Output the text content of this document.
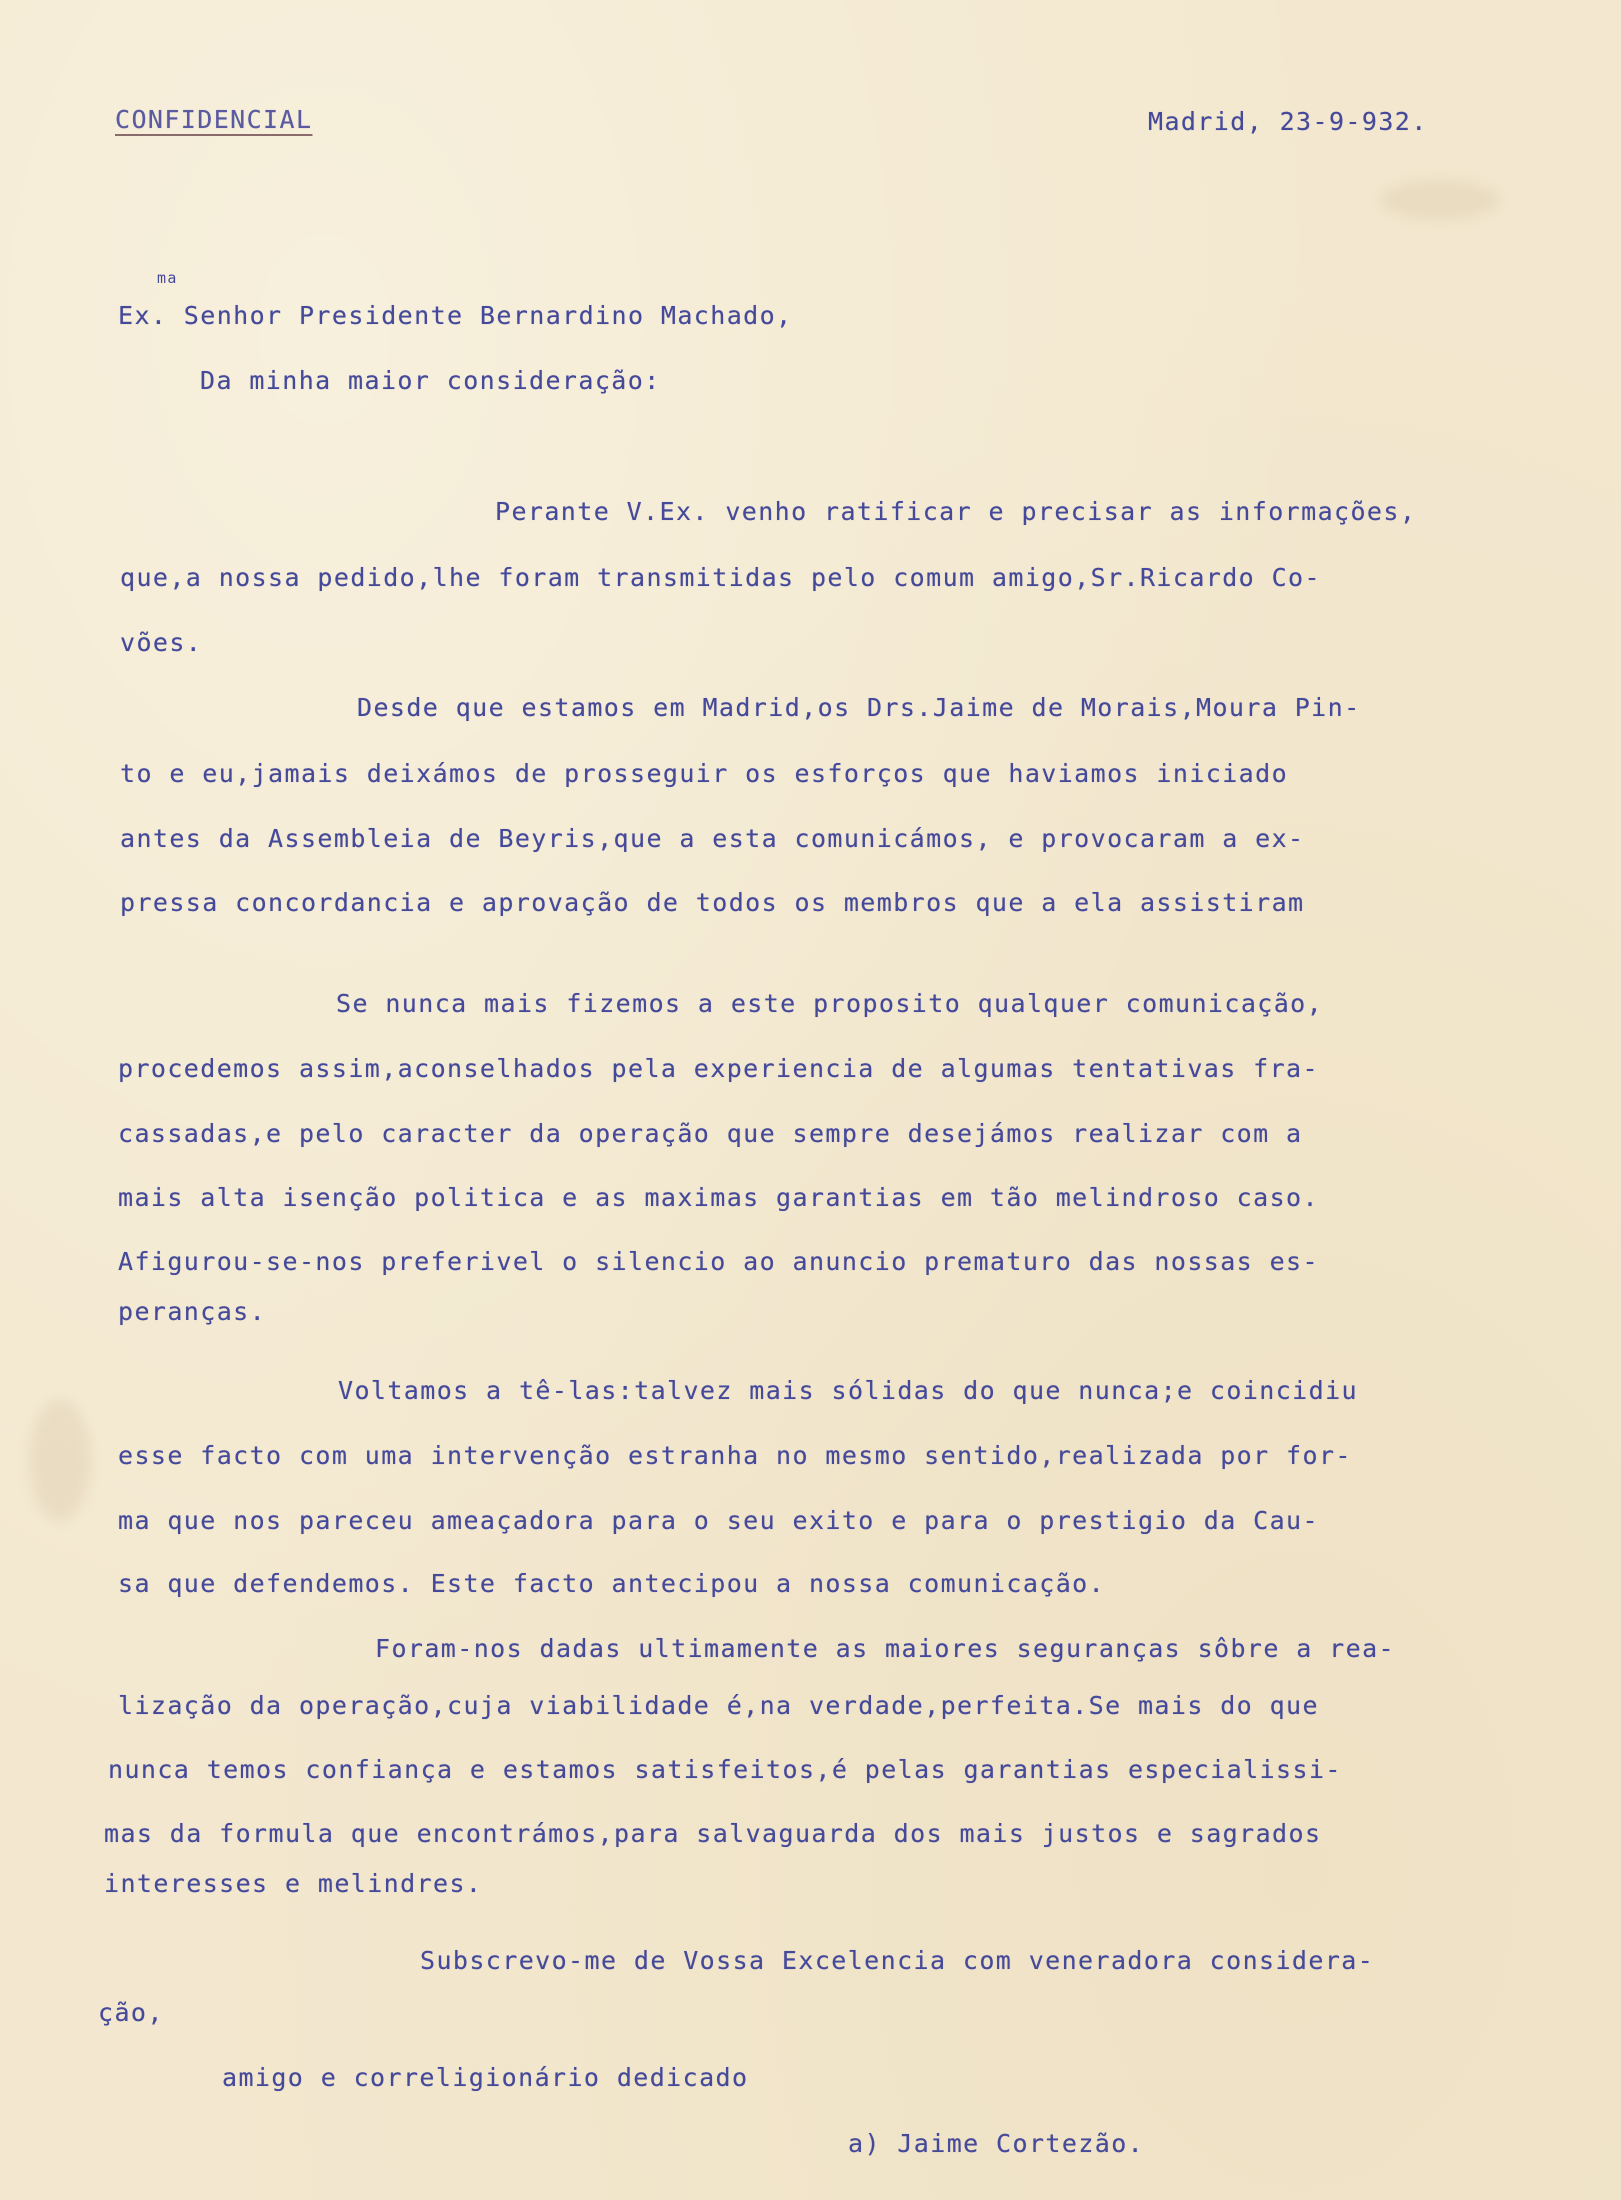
CONFIDENCIAL	Madrid, 23-9-932.
ma
Ex. Senhor Presidente Bernardino Machado,
Da minha maior consideração:
Perante V.Ex. venho ratificar e precisar as informações,
que,a nossa pedido,lhe foram transmitidas pelo comum amigo,Sr.Ricardo Co-
vões.
Desde que estamos em Madrid,os Drs.Jaime de Morais,Moura Pin-
to e eu,jamais deixámos de prosseguir os esforços que haviamos iniciado
antes da Assembleia de Beyris,que a esta comunicámos, e provocaram a ex-
pressa concordancia e aprovação de todos os membros que a ela assistiram
Se nunca mais fizemos a este proposito qualquer comunicação,
procedemos assim,aconselhados pela experiencia de algumas tentativas fra-
cassadas,e pelo caracter da operação que sempre desejámos realizar com a
mais alta isenção politica e as maximas garantias em tão melindroso caso.
Afigurou-se-nos preferivel o silencio ao anuncio prematuro das nossas es-
peranças.
Voltamos a tê-las:talvez mais sólidas do que nunca;e coincidiu
esse facto com uma intervenção estranha no mesmo sentido,realizada por for-
ma que nos pareceu ameaçadora para o seu exito e para o prestigio da Cau-
sa que defendemos. Este facto antecipou a nossa comunicação.
Foram-nos dadas ultimamente as maiores seguranças sôbre a rea-
lização da operação,cuja viabilidade é,na verdade,perfeita.Se mais do que
nunca temos confiança e estamos satisfeitos,é pelas garantias especialissi-
mas da formula que encontrámos,para salvaguarda dos mais justos e sagrados
interesses e melindres.
Subscrevo-me de Vossa Excelencia com veneradora considera-
ção,
amigo e correligionário dedicado
a) Jaime Cortezão.
